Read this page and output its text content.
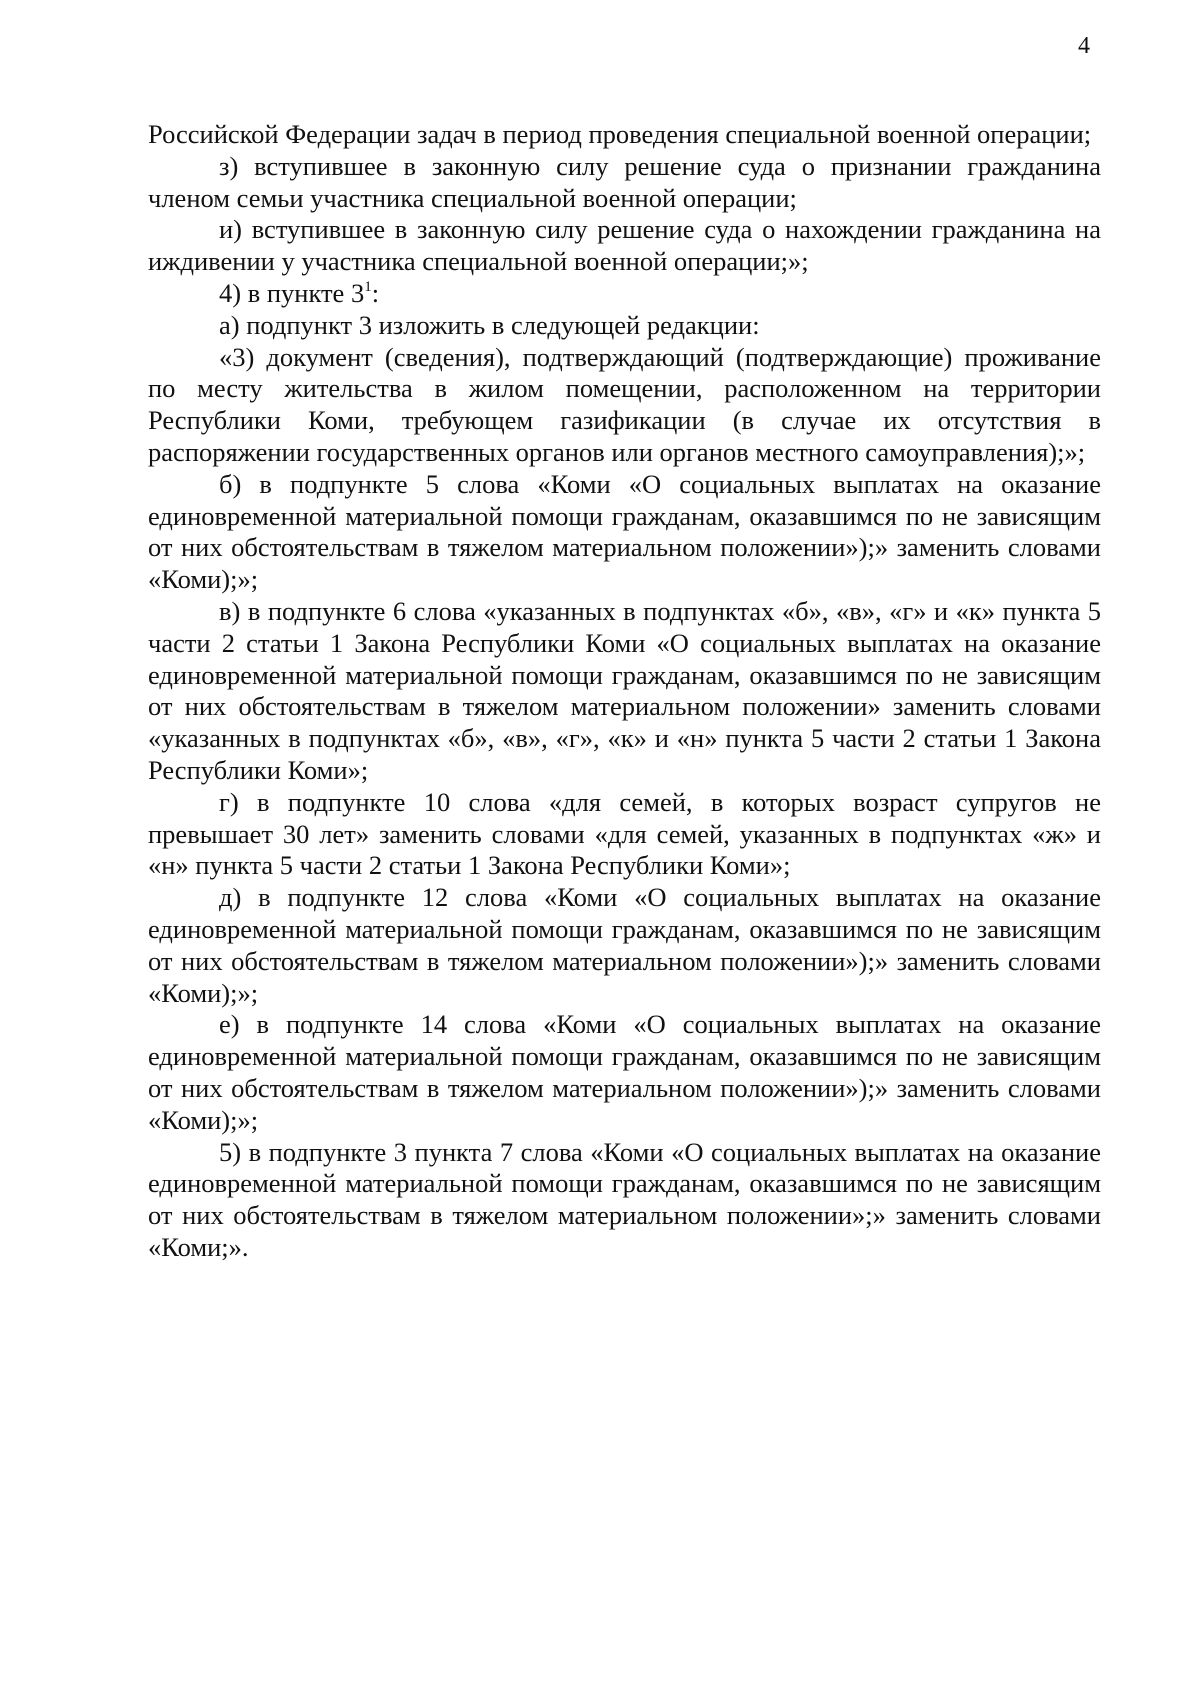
4

Российской Федерации задач в период проведения специальной военной операции;

з) вступившее в законную силу решение суда о признании гражданина членом семьи участника специальной военной операции;

и) вступившее в законную силу решение суда о нахождении гражданина на иждивении у участника специальной военной операции;»;

4) в пункте $3^1$:

а) подпункт 3 изложить в следующей редакции:

«3) документ (сведения), подтверждающий (подтверждающие) проживание по месту жительства в жилом помещении, расположенном на территории Республики Коми, требующем газификации (в случае их отсутствия в распоряжении государственных органов или органов местного самоуправления);»;

б) в подпункте 5 слова «Коми «О социальных выплатах на оказание единовременной материальной помощи гражданам, оказавшимся по не зависящим от них обстоятельствам в тяжелом материальном положении»);» заменить словами «Коми);»;

в) в подпункте 6 слова «указанных в подпунктах «б», «в», «г» и «к» пункта 5 части 2 статьи 1 Закона Республики Коми «О социальных выплатах на оказание единовременной материальной помощи гражданам, оказавшимся по не зависящим от них обстоятельствам в тяжелом материальном положении» заменить словами «указанных в подпунктах «б», «в», «г», «к» и «н» пункта 5 части 2 статьи 1 Закона Республики Коми»;

г) в подпункте 10 слова «для семей, в которых возраст супругов не превышает 30 лет» заменить словами «для семей, указанных в подпунктах «ж» и «н» пункта 5 части 2 статьи 1 Закона Республики Коми»;

д) в подпункте 12 слова «Коми «О социальных выплатах на оказание единовременной материальной помощи гражданам, оказавшимся по не зависящим от них обстоятельствам в тяжелом материальном положении»);» заменить словами «Коми);»;

е) в подпункте 14 слова «Коми «О социальных выплатах на оказание единовременной материальной помощи гражданам, оказавшимся по не зависящим от них обстоятельствам в тяжелом материальном положении»);» заменить словами «Коми);»;

5) в подпункте 3 пункта 7 слова «Коми «О социальных выплатах на оказание единовременной материальной помощи гражданам, оказавшимся по не зависящим от них обстоятельствам в тяжелом материальном положении»;» заменить словами «Коми;».
